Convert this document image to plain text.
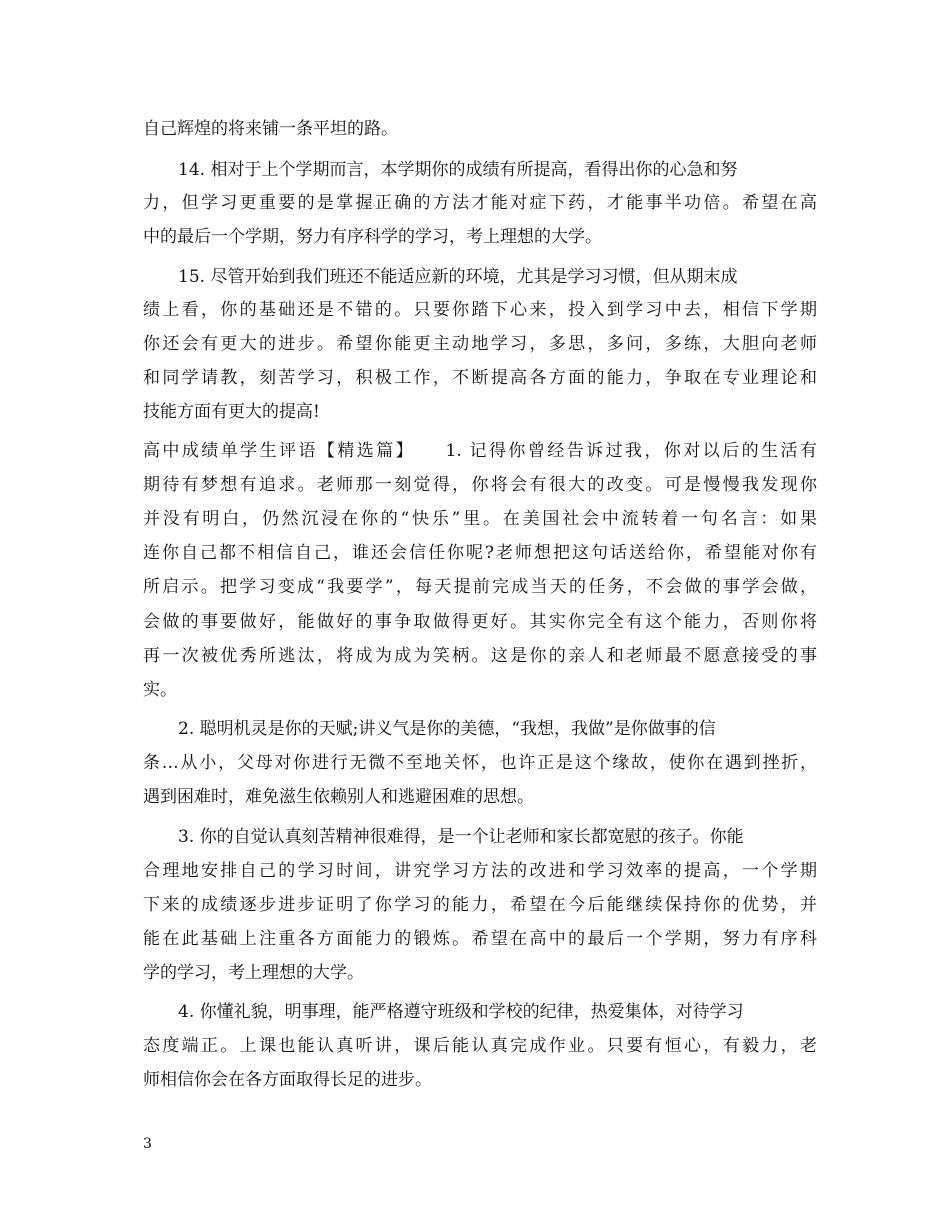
自己辉煌的将来铺一条平坦的路。
14. 相对于上个学期而言，本学期你的成绩有所提高，看得出你的心急和努
力，但学习更重要的是掌握正确的方法才能对症下药，才能事半功倍。希望在高
中的最后一个学期，努力有序科学的学习，考上理想的大学。
15. 尽管开始到我们班还不能适应新的环境，尤其是学习习惯，但从期末成
绩上看，你的基础还是不错的。只要你踏下心来，投入到学习中去，相信下学期
你还会有更大的进步。希望你能更主动地学习，多思，多问，多练，大胆向老师
和同学请教，刻苦学习，积极工作，不断提高各方面的能力，争取在专业理论和
技能方面有更大的提高!
高中成绩单学生评语【精选篇】　　1. 记得你曾经告诉过我，你对以后的生活有
期待有梦想有追求。老师那一刻觉得，你将会有很大的改变。可是慢慢我发现你
并没有明白，仍然沉浸在你的“快乐”里。在美国社会中流转着一句名言：如果
连你自己都不相信自己，谁还会信任你呢?老师想把这句话送给你，希望能对你有
所启示。把学习变成“我要学”，每天提前完成当天的任务，不会做的事学会做，
会做的事要做好，能做好的事争取做得更好。其实你完全有这个能力，否则你将
再一次被优秀所逃汰，将成为成为笑柄。这是你的亲人和老师最不愿意接受的事
实。
2. 聪明机灵是你的天赋;讲义气是你的美德，“我想，我做”是你做事的信
条…从小，父母对你进行无微不至地关怀，也许正是这个缘故，使你在遇到挫折，
遇到困难时，难免滋生依赖别人和逃避困难的思想。
3. 你的自觉认真刻苦精神很难得，是一个让老师和家长都宽慰的孩子。你能
合理地安排自己的学习时间，讲究学习方法的改进和学习效率的提高，一个学期
下来的成绩逐步进步证明了你学习的能力，希望在今后能继续保持你的优势，并
能在此基础上注重各方面能力的锻炼。希望在高中的最后一个学期，努力有序科
学的学习，考上理想的大学。
4. 你懂礼貌，明事理，能严格遵守班级和学校的纪律，热爱集体，对待学习
态度端正。上课也能认真听讲，课后能认真完成作业。只要有恒心，有毅力，老
师相信你会在各方面取得长足的进步。
3
